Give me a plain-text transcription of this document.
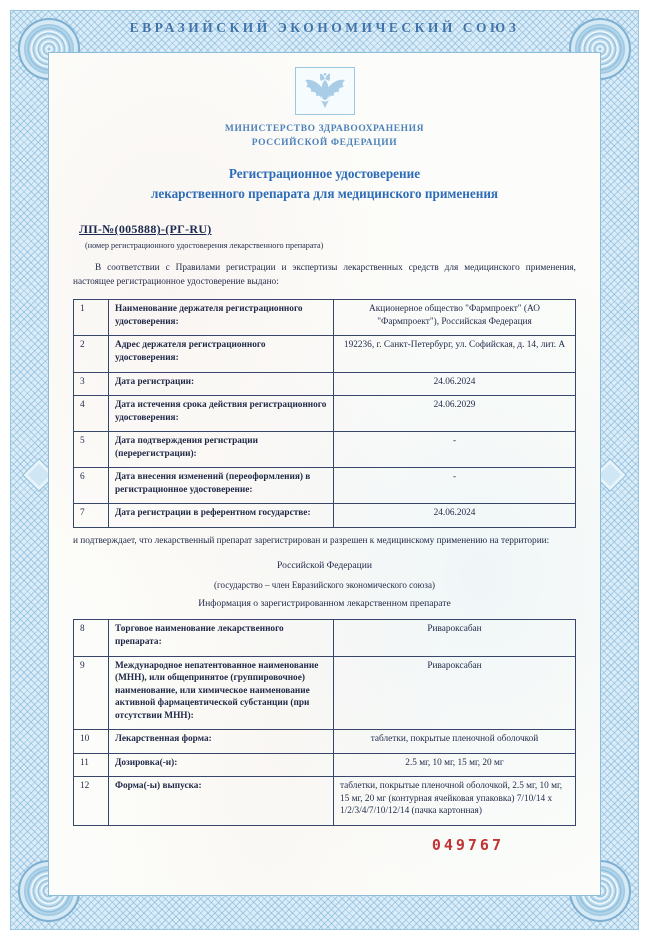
ЕВРАЗИЙСКИЙ ЭКОНОМИЧЕСКИЙ СОЮЗ
МИНИСТЕРСТВО ЗДРАВООХРАНЕНИЯ
РОССИЙСКОЙ ФЕДЕРАЦИИ
Регистрационное удостоверение
лекарственного препарата для медицинского применения
ЛП-№(005888)-(РГ-RU)
(номер регистрационного удостоверения лекарственного препарата)
В соответствии с Правилами регистрации и экспертизы лекарственных средств для медицинского применения, настоящее регистрационное удостоверение выдано:
1	Наименование держателя регистрационного удостоверения:	Акционерное общество "Фармпроект" (АО "Фармпроект"), Российская Федерация
2	Адрес держателя регистрационного удостоверения:	192236, г. Санкт-Петербург, ул. Софийская, д. 14, лит. А
3	Дата регистрации:	24.06.2024
4	Дата истечения срока действия регистрационного удостоверения:	24.06.2029
5	Дата подтверждения регистрации (перерегистрации):	-
6	Дата внесения изменений (переоформления) в регистрационное удостоверение:	-
7	Дата регистрации в референтном государстве:	24.06.2024
и подтверждает, что лекарственный препарат зарегистрирован и разрешен к медицинскому применению на территории:
Российской Федерации
(государство – член Евразийского экономического союза)
Информация о зарегистрированном лекарственном препарате
8	Торговое наименование лекарственного препарата:	Ривароксабан
9	Международное непатентованное наименование (МНН), или общепринятое (группировочное) наименование, или химическое наименование активной фармацевтической субстанции (при отсутствии МНН):	Ривароксабан
10	Лекарственная форма:	таблетки, покрытые пленочной оболочкой
11	Дозировка(-и):	2.5 мг, 10 мг, 15 мг, 20 мг
12	Форма(-ы) выпуска:	таблетки, покрытые пленочной оболочкой, 2.5 мг, 10 мг, 15 мг, 20 мг (контурная ячейковая упаковка) 7/10/14 х 1/2/3/4/7/10/12/14 (пачка картонная)
049767
